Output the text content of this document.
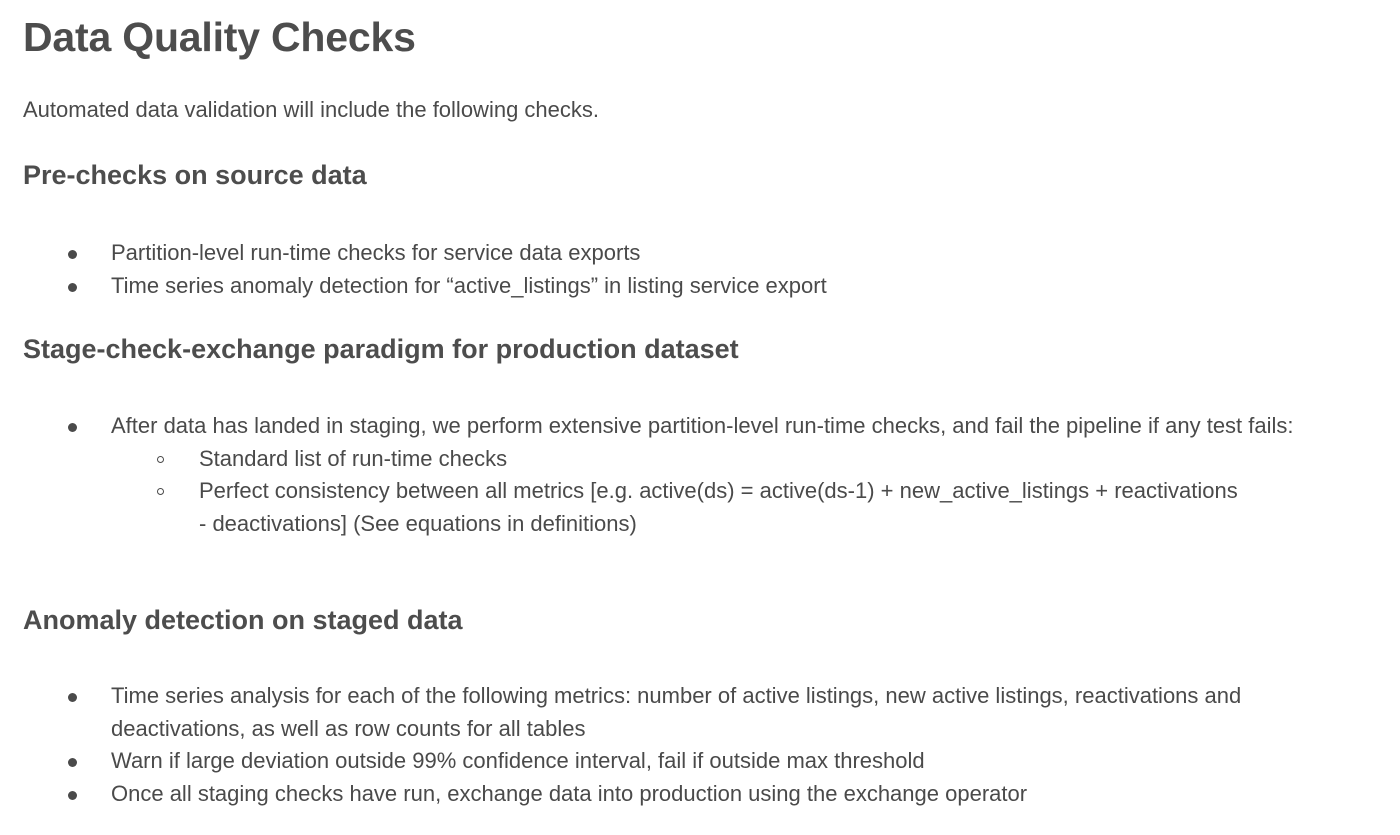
Data Quality Checks

Automated data validation will include the following checks.

Pre-checks on source data
Partition-level run-time checks for service data exports
Time series anomaly detection for “active_listings” in listing service export
Stage-check-exchange paradigm for production dataset
After data has landed in staging, we perform extensive partition-level run-time checks, and fail the pipeline if any test fails:
Standard list of run-time checks
Perfect consistency between all metrics [e.g. active(ds) = active(ds-1) + new_active_listings + reactivations - deactivations] (See equations in definitions)
Anomaly detection on staged data
Time series analysis for each of the following metrics: number of active listings, new active listings, reactivations and deactivations, as well as row counts for all tables
Warn if large deviation outside 99% confidence interval, fail if outside max threshold
Once all staging checks have run, exchange data into production using the exchange operator
